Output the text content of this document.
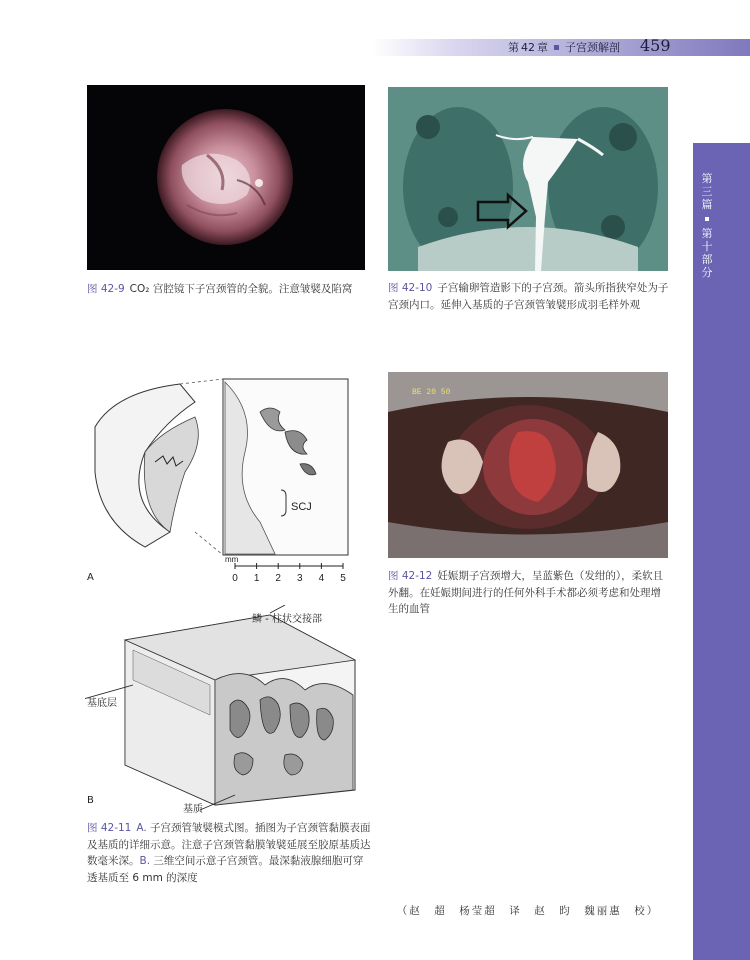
第 42 章 子宫颈解剖 459
第
三
篇
第
十
部
分
图 42-9 CO₂ 宫腔镜下子宫颈管的全貌。注意皱襞及陷窝	图 42-10 子宫输卵管造影下的子宫颈。箭头所指狭窄处为子宫颈内口。延伸入基质的子宫颈管皱襞形成羽毛样外观
SCJ
mm
0 1 2 3 4 5
A
BE 20 50
图 42-12 妊娠期子宫颈增大，呈蓝紫色（发绀的），柔软且外翻。在妊娠期间进行的任何外科手术都必须考虑和处理增生的血管
鳞 - 柱状交接部
基底层
基质
B
图 42-11 A. 子宫颈管皱襞模式图。插图为子宫颈管黏膜表面及基质的详细示意。注意子宫颈管黏膜皱襞延展至胶原基质达数毫米深。B. 三维空间示意子宫颈管。最深黏液腺细胞可穿透基质至 6 mm 的深度
（赵　超　杨莹超　译　赵　昀　魏丽惠　校）
